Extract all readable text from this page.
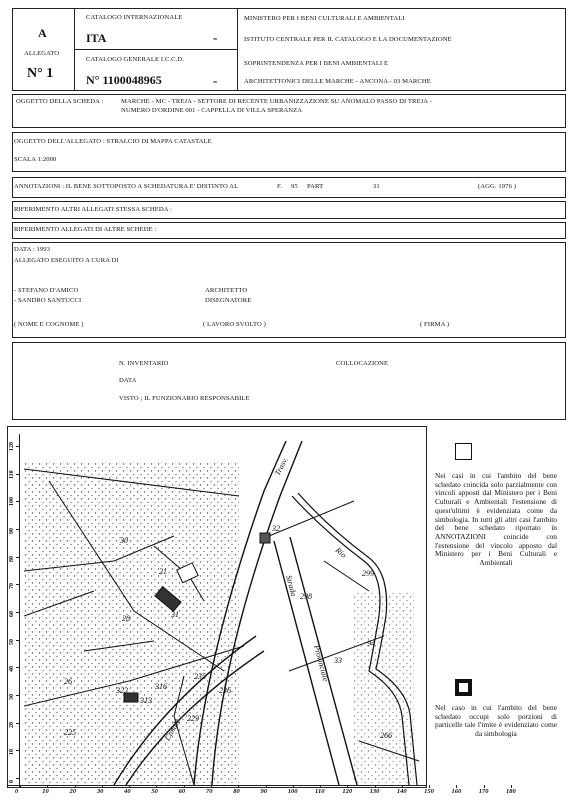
A
ALLEGATO
N° 1
CATALOGO INTERNAZIONALE
ITA	-
CATALOGO GENERALE I.C.C.D.
N° 1100048965	-
MINISTERO PER I BENI CULTURALI E AMBIENTALI
ISTITUTO CENTRALE PER IL CATALOGO E LA DOCUMENTAZIONE
SOPRINTENDENZA PER I BENI AMBIENTALI E
ARCHITETTONICI DELLE MARCHE - ANCONA - 03 MARCHE
OGGETTO DELLA SCHEDA :	MARCHE - MC - TREJA - SETTORE DI RECENTE URBANIZZAZIONE SU ANOMALO PASSO DI TREJA -
NUMERO D'ORDINE 001 - CAPPELLA DI VILLA SPERANZA
OGGETTO DELL'ALLEGATO : STRALCIO DI MAPPA CATASTALE
SCALA 1:2000
ANNOTAZIONI : IL BENE SOTTOPOSTO A SCHEDATURA E' DISTINTO AL	F. 95 PART	31	(AGG. 1976 )
RIFERIMENTO ALTRI ALLEGATI STESSA SCHEDA :
RIFERIMENTO ALLEGATI DI ALTRE SCHEDE :
DATA : 1993
ALLEGATO ESEGUITO A CURA DI
- STEFANO D'AMICO	ARCHITETTO
- SANDRO SANTUCCI	DISEGNATORE
( NOME E COGNOME )	( LAVORO SVOLTO )	( FIRMA )
N. INVENTARIO	COLLOCAZIONE
DATA
VISTO ; IL FUNZIONARIO RESPONSABILE
30
32
31
28
298
33
26
322
235
236
229
225
316
313
299
94
266
21
Strada
Provinciale
Canale
Rio
Trasv.
120
110
100
90
80
70
60
50
40
30
20
10
0
0	10	20	30	40	50	60	70	80	90	100	110	120	130	140	150	160	170	180
Nei casi in cui l'ambito del bene schedato coincida solo parzialmente con vincoli apposti dal Ministero per i Beni Culturali e Ambientali l'estensione di quest'ultimi è evidenziata come da simbologia. In tutti gli altri casi l'ambito del bene schedato riportato in ANNOTAZIONI coincide con l'estensione del vincolo apposto dal Ministero per i Beni Culturali e Ambientali
Nel caso in cui l'ambito del bene schedato occupi solo porzioni di particelle tale l'imite è evidenziato come da simbologia
